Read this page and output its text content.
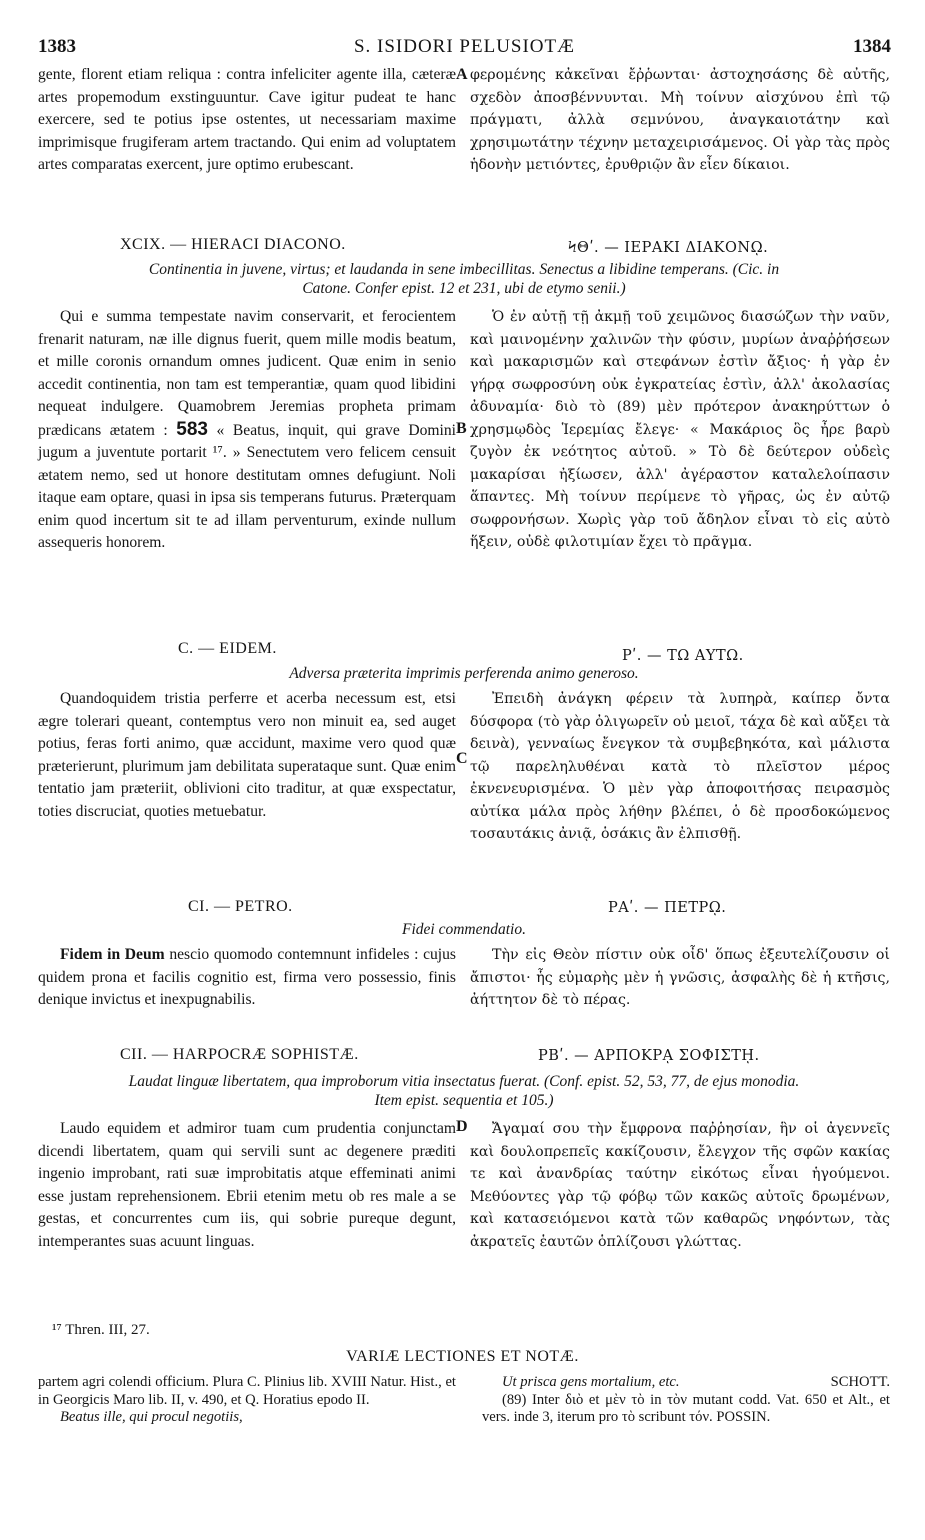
1383	S. ISIDORI PELUSIOTÆ	1384

gente, florent etiam reliqua : contra infeliciter agente illa, cæteræ artes propemodum exstinguuntur. Cave igitur pudeat te hanc exercere, sed te potius ipse ostentes, ut necessariam maxime imprimisque frugiferam artem tractando. Qui enim ad voluptatem artes comparatas exercent, jure optimo erubescant.

φερομένης κἀκεῖναι ἔῤῥωνται· ἀστοχησάσης δὲ αὐτῆς, σχεδὸν ἀποσβέννυνται. Μὴ τοίνυν αἰσχύνου ἐπὶ τῷ πράγματι, ἀλλὰ σεμνύνου, ἀναγκαιοτάτην καὶ χρησιμωτάτην τέχνην μεταχειρισάμενος. Οἱ γὰρ τὰς πρὸς ἡδονὴν μετιόντες, ἐρυθριῷν ἂν εἶεν δίκαιοι.

A
XCIX. — HIERACI DIACONO.	ϞΘʹ. — ΙΕΡΑΚΙ ΔΙΑΚΟΝῼ.
Continentia in juvene, virtus; et laudanda in sene imbecillitas. Senectus a libidine temperans. (Cic. in
Catone. Confer epist. 12 et 231, ubi de etymo senii.)

Qui e summa tempestate navim conservarit, et ferocientem frenarit naturam, næ ille dignus fuerit, quem mille modis beatum, et mille coronis ornandum omnes judicent. Quæ enim in senio accedit continentia, non tam est temperantiæ, quam quod libidini nequeat indulgere. Quamobrem Jeremias propheta primam prædicans ætatem : 583 « Beatus, inquit, qui grave Domini jugum a juventute portarit ¹⁷. » Senectutem vero felicem censuit ætatem nemo, sed ut honore destitutam omnes defugiunt. Noli itaque eam optare, quasi in ipsa sis temperans futurus. Præterquam enim quod incertum sit te ad illam perventurum, exinde nullum assequeris honorem.

Ὁ ἐν αὐτῇ τῇ ἀκμῇ τοῦ χειμῶνος διασώζων τὴν ναῦν, καὶ μαινομένην χαλινῶν τὴν φύσιν, μυρίων ἀναῤῥήσεων καὶ μακαρισμῶν καὶ στεφάνων ἐστὶν ἄξιος· ἡ γὰρ ἐν γήρᾳ σωφροσύνη οὐκ ἐγκρατείας ἐστὶν, ἀλλ' ἀκολασίας ἀδυναμία· διὸ τὸ (89) μὲν πρότερον ἀνακηρύττων ὁ χρησμῳδὸς Ἱερεμίας ἔλεγε· « Μακάριος ὃς ἦρε βαρὺ ζυγὸν ἐκ νεότητος αὐτοῦ. » Τὸ δὲ δεύτερον οὐδεὶς μακαρίσαι ἠξίωσεν, ἀλλ' ἀγέραστον καταλελοίπασιν ἅπαντες. Μὴ τοίνυν περίμενε τὸ γῆρας, ὡς ἐν αὐτῷ σωφρονήσων. Χωρὶς γὰρ τοῦ ἄδηλον εἶναι τὸ εἰς αὐτὸ ἥξειν, οὐδὲ φιλοτιμίαν ἔχει τὸ πρᾶγμα.

B
C. — EIDEM.	Ρʹ. — ΤΩ ΑΥΤΩ.
Adversa præterita imprimis perferenda animo generoso.

Quandoquidem tristia perferre et acerba necessum est, etsi ægre tolerari queant, contemptus vero non minuit ea, sed auget potius, feras forti animo, quæ accidunt, maxime vero quod quæ præterierunt, plurimum jam debilitata superataque sunt. Quæ enim tentatio jam præteriit, oblivioni cito traditur, at quæ exspectatur, toties discruciat, quoties metuebatur.

Ἐπειδὴ ἀνάγκη φέρειν τὰ λυπηρὰ, καίπερ ὄντα δύσφορα (τὸ γὰρ ὀλιγωρεῖν οὐ μειοῖ, τάχα δὲ καὶ αὔξει τὰ δεινὰ), γενναίως ἔνεγκον τὰ συμβεβηκότα, καὶ μάλιστα τῷ παρεληλυθέναι κατὰ τὸ πλεῖστον μέρος ἐκνενευρισμένα. Ὁ μὲν γὰρ ἀποφοιτήσας πειρασμὸς αὐτίκα μάλα πρὸς λήθην βλέπει, ὁ δὲ προσδοκώμενος τοσαυτάκις ἀνιᾷ, ὁσάκις ἂν ἐλπισθῇ.

C
CI. — PETRO.	ΡΑʹ. — ΠΕΤΡῼ.
Fidei commendatio.

Fidem in Deum nescio quomodo contemnunt infideles : cujus quidem prona et facilis cognitio est, firma vero possessio, finis denique invictus et inexpugnabilis.

Τὴν εἰς Θεὸν πίστιν οὐκ οἶδ' ὅπως ἐξευτελίζουσιν οἱ ἄπιστοι· ἧς εὐμαρὴς μὲν ἡ γνῶσις, ἀσφαλὴς δὲ ἡ κτῆσις, ἀήττητον δὲ τὸ πέρας.

CII. — HARPOCRÆ SOPHISTÆ.	ΡΒʹ. — ΑΡΠΟΚΡᾼ ΣΟΦΙΣΤῌ.
Laudat linguæ libertatem, qua improborum vitia insectatus fuerat. (Conf. epist. 52, 53, 77, de ejus monodia.
Item epist. sequentia et 105.)

Laudo equidem et admiror tuam cum prudentia conjunctam dicendi libertatem, quam qui servili sunt ac degenere præditi ingenio improbant, rati suæ improbitatis atque effeminati animi esse justam reprehensionem. Ebrii etenim metu ob res male a se gestas, et concurrentes cum iis, qui sobrie pureque degunt, intemperantes suas acuunt linguas.

Ἄγαμαί σου τὴν ἔμφρονα παῤῥησίαν, ἣν οἱ ἀγεννεῖς καὶ δουλοπρεπεῖς κακίζουσιν, ἔλεγχον τῆς σφῶν κακίας τε καὶ ἀνανδρίας ταύτην εἰκότως εἶναι ἡγούμενοι. Μεθύοντες γὰρ τῷ φόβῳ τῶν κακῶς αὐτοῖς δρωμένων, καὶ κατασειόμενοι κατὰ τῶν καθαρῶς νηφόντων, τὰς ἀκρατεῖς ἑαυτῶν ὁπλίζουσι γλώττας.

D
¹⁷ Thren. III, 27.
VARIÆ LECTIONES ET NOTÆ.
partem agri colendi officium. Plura C. Plinius lib. XVIII Natur. Hist., et in Georgicis Maro lib. II, v. 490, et Q. Horatius epodo II.
Beatus ille, qui procul negotiis,
Ut prisca gens mortalium, etc.	SCHOTT.
(89) Inter διὸ et μὲν τὸ in τὸν mutant codd. Vat. 650 et Alt., et vers. inde 3, iterum pro τὸ scribunt τόν. POSSIN.
